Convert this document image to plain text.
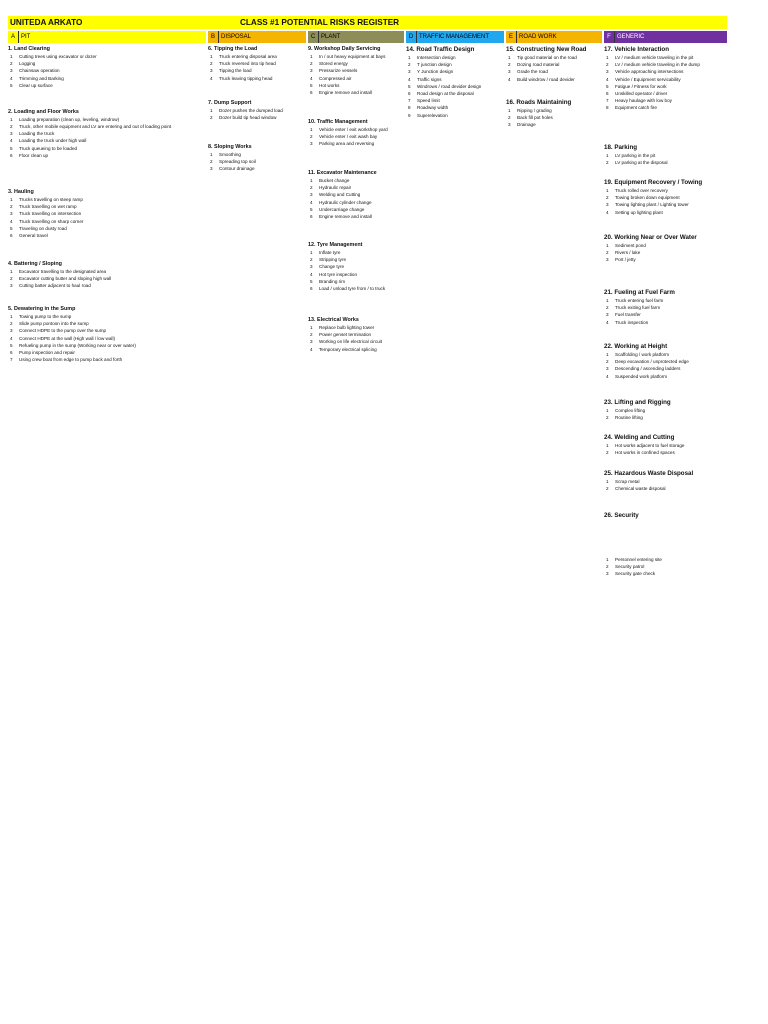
UNITEDA ARKATO	CLASS #1 POTENTIAL RISKS REGISTER
A PIT	B DISPOSAL	C PLANT	D TRAFFIC MANAGEMENT	E ROAD WORK	F GENERIC
1. Land Clearing
1	Cutting trees using excavator or dozer
2	Logging
3	Chainsaw operation
4	Trimming and Barking
5	Clear up surface
2. Loading and Floor Works
1	Loading preparation (clean up, leveling, windrow)
2	Truck, other mobile equipment and LV are entering and out of loading point
3	Loading the truck
4	Loading the truck under high wall
5	Truck queueing to be loaded
6	Floor clean up
3. Hauling
1	Trucks travelling on steep ramp
2	Truck travelling on wet ramp
3	Truck travelling on intersection
4	Truck travelling on sharp corner
5	Traveling on dusty road
6	General travel
4. Battering / Sloping
1	Excavator travelling to the designated area
2	Excavator cutting butter and sloping high wall
3	Cutting batter adjacent to haul road
5. Dewatering in the Sump
1	Towing pump to the sump
2	Slide pump pontoon into the sump
3	Connect HDPE to the pump over the sump
4	Connect HDPE at the wall (High wall / low wall)
5	Refueling pump in the sump (Working near or over water)
6	Pump inspection and repair
7	Using crew boat from edge to pump back and forth
6. Tipping the Load
1	Truck entering disposal area
2	Truck reversed into tip head
3	Tipping the load
4	Truck leaving tipping head
7. Dump Support
1	Dozer pushes the dumped load
2	Dozer build tip head window
8. Sloping Works
1	Smoothing
2	Spreading top soil
3	Contour drainage
9. Workshop Daily Servicing
1	In / out heavy equipment at bays
2	Stored energy
3	Pressurize vessels
4	Compressed air
5	Hot works
6	Engine remove and install
10. Traffic Management
1	Vehicle enter / exit workshop yard
2	Vehicle enter / exit wash bay
3	Parking area and reversing
11. Excavator Maintenance
1	Bucket change
2	Hydraulic repair
3	Welding and Cutting
4	Hydraulic cylinder change
5	Undercarriage change
6	Engine remove and install
12. Tyre Management
1	Inflate tyre
2	Stripping tyre
3	Change tyre
4	Hot tyre inspection
5	Branding rim
6	Load / unload tyre from / to truck
13. Electrical Works
1	Replace bulb lighting tower
2	Power genset termination
3	Working on life electrical circuit
4	Temporary electrical splicing
14. Road Traffic Design
1	Intersection design
2	T junction design
3	Y Junction design
4	Traffic signs
5	Windrows / road devider design
6	Road design at the disposal
7	Speed limit
8	Roadway width
9	Superelevation
15. Constructing New Road
1	Tip good material on the road
2	Dozing road material
3	Grade the road
4	Build windrow / road devider
16. Roads Maintaining
1	Ripping / grading
2	Back fill pot holes
3	Drainage
17. Vehicle Interaction
1	LV / medium vehicle traveling in the pit
2	LV / medium vehicle traveling in the dump
3	Vehicle approaching intersections
4	Vehicle / Equipment servicability
5	Fatigue / Fitness for work
6	Unskilled operator / driver
7	Heavy haulage with low boy
8	Equipment catch fire
18. Parking
1	LV parking in the pit
2	LV parking at the disposal
19. Equipment Recovery / Towing
1	Truck rolled over recovery
2	Towing broken down equipment
3	Towing lighting plant / Lighting tower
4	Setting up lighting plant
20. Working Near or Over Water
1	Sediment pond
2	Rivers / lake
3	Port / jetty
21. Fueling at Fuel Farm
1	Truck entering fuel farm
2	Truck exiting fuel farm
3	Fuel transfer
4	Truck inspection
22. Working at Height
1	Scaffolding / work platform
2	Deep excavation / unprotected edge
3	Descending / ascending ladders
4	Suspended work platform
23. Lifting and Rigging
1	Complex lifting
2	Routine lifting
24. Welding and Cutting
1	Hot works adjacent to fuel storage
2	Hot works in confined spaces
25. Hazardous Waste Disposal
1	Scrap metal
2	Chemical waste disposal
26. Security
1	Personnel entering site
2	Security patrol
3	Security gate check
